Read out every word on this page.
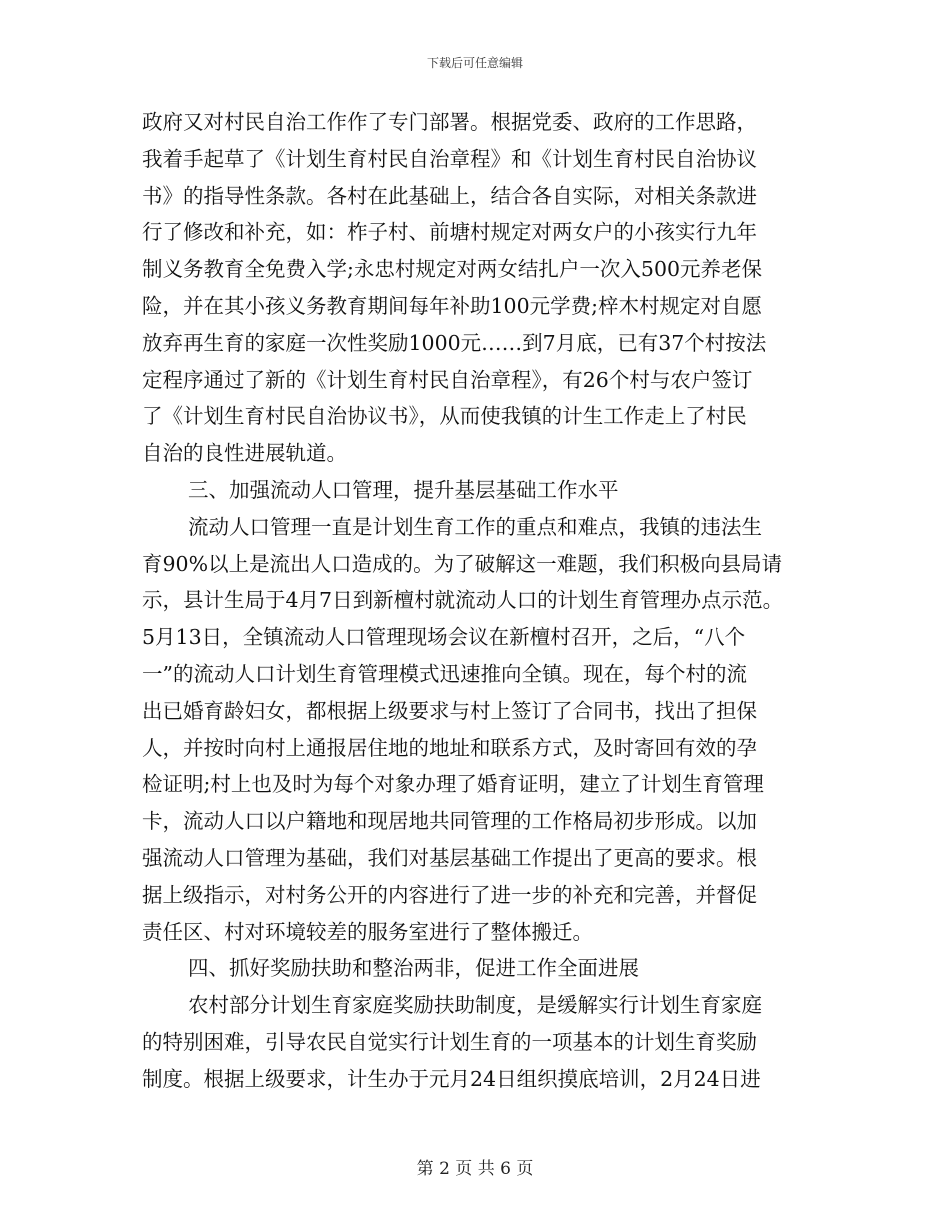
下载后可任意编辑
政府又对村民自治工作作了专门部署。根据党委、政府的工作思路，
我着手起草了《计划生育村民自治章程》和《计划生育村民自治协议
书》的指导性条款。各村在此基础上，结合各自实际，对相关条款进
行了修改和补充，如：柞子村、前塘村规定对两女户的小孩实行九年
制义务教育全免费入学;永忠村规定对两女结扎户一次入500元养老保
险，并在其小孩义务教育期间每年补助100元学费;梓木村规定对自愿
放弃再生育的家庭一次性奖励1000元……到7月底，已有37个村按法
定程序通过了新的《计划生育村民自治章程》，有26个村与农户签订
了《计划生育村民自治协议书》，从而使我镇的计生工作走上了村民
自治的良性进展轨道。
三、加强流动人口管理，提升基层基础工作水平
流动人口管理一直是计划生育工作的重点和难点，我镇的违法生
育90%以上是流出人口造成的。为了破解这一难题，我们积极向县局请
示，县计生局于4月7日到新檀村就流动人口的计划生育管理办点示范。
5月13日，全镇流动人口管理现场会议在新檀村召开，之后，“八个
一”的流动人口计划生育管理模式迅速推向全镇。现在，每个村的流
出已婚育龄妇女，都根据上级要求与村上签订了合同书，找出了担保
人，并按时向村上通报居住地的地址和联系方式，及时寄回有效的孕
检证明;村上也及时为每个对象办理了婚育证明，建立了计划生育管理
卡，流动人口以户籍地和现居地共同管理的工作格局初步形成。以加
强流动人口管理为基础，我们对基层基础工作提出了更高的要求。根
据上级指示，对村务公开的内容进行了进一步的补充和完善，并督促
责任区、村对环境较差的服务室进行了整体搬迁。
四、抓好奖励扶助和整治两非，促进工作全面进展
农村部分计划生育家庭奖励扶助制度，是缓解实行计划生育家庭
的特别困难，引导农民自觉实行计划生育的一项基本的计划生育奖励
制度。根据上级要求，计生办于元月24日组织摸底培训，2月24日进
第 2 页 共 6 页
